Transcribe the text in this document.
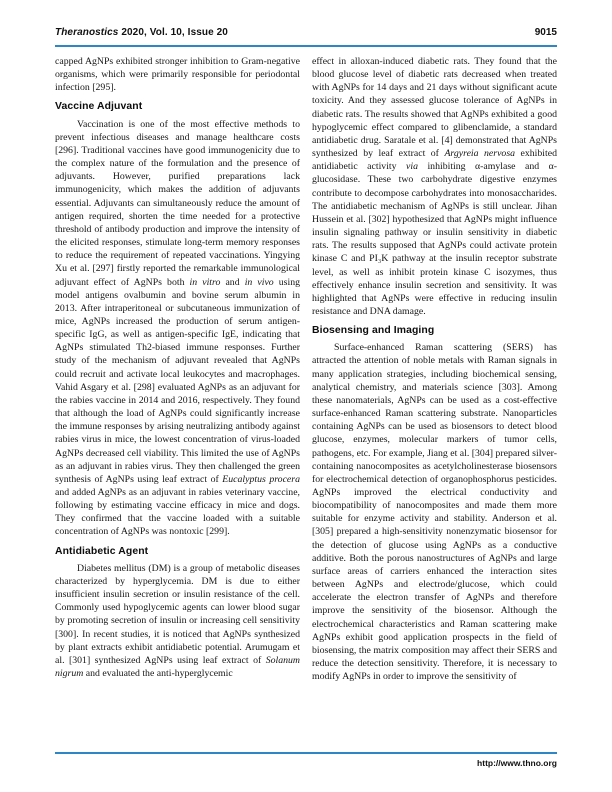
Theranostics 2020, Vol. 10, Issue 20	9015

capped AgNPs exhibited stronger inhibition to Gram-negative organisms, which were primarily responsible for periodontal infection [295].

Vaccine Adjuvant

Vaccination is one of the most effective methods to prevent infectious diseases and manage healthcare costs [296]. Traditional vaccines have good immunogenicity due to the complex nature of the formulation and the presence of adjuvants. However, purified preparations lack immunogenicity, which makes the addition of adjuvants essential. Adjuvants can simultaneously reduce the amount of antigen required, shorten the time needed for a protective threshold of antibody production and improve the intensity of the elicited responses, stimulate long-term memory responses to reduce the requirement of repeated vaccinations. Yingying Xu et al. [297] firstly reported the remarkable immunological adjuvant effect of AgNPs both in vitro and in vivo using model antigens ovalbumin and bovine serum albumin in 2013. After intraperitoneal or subcutaneous immunization of mice, AgNPs increased the production of serum antigen-specific IgG, as well as antigen-specific IgE, indicating that AgNPs stimulated Th2-biased immune responses. Further study of the mechanism of adjuvant revealed that AgNPs could recruit and activate local leukocytes and macrophages. Vahid Asgary et al. [298] evaluated AgNPs as an adjuvant for the rabies vaccine in 2014 and 2016, respectively. They found that although the load of AgNPs could significantly increase the immune responses by arising neutralizing antibody against rabies virus in mice, the lowest concentration of virus-loaded AgNPs decreased cell viability. This limited the use of AgNPs as an adjuvant in rabies virus. They then challenged the green synthesis of AgNPs using leaf extract of Eucalyptus procera and added AgNPs as an adjuvant in rabies veterinary vaccine, following by estimating vaccine efficacy in mice and dogs. They confirmed that the vaccine loaded with a suitable concentration of AgNPs was nontoxic [299].

Antidiabetic Agent

Diabetes mellitus (DM) is a group of metabolic diseases characterized by hyperglycemia. DM is due to either insufficient insulin secretion or insulin resistance of the cell. Commonly used hypoglycemic agents can lower blood sugar by promoting secretion of insulin or increasing cell sensitivity [300]. In recent studies, it is noticed that AgNPs synthesized by plant extracts exhibit antidiabetic potential. Arumugam et al. [301] synthesized AgNPs using leaf extract of Solanum nigrum and evaluated the anti-hyperglycemic

effect in alloxan-induced diabetic rats. They found that the blood glucose level of diabetic rats decreased when treated with AgNPs for 14 days and 21 days without significant acute toxicity. And they assessed glucose tolerance of AgNPs in diabetic rats. The results showed that AgNPs exhibited a good hypoglycemic effect compared to glibenclamide, a standard antidiabetic drug. Saratale et al. [4] demonstrated that AgNPs synthesized by leaf extract of Argyreia nervosa exhibited antidiabetic activity via inhibiting α-amylase and α-glucosidase. These two carbohydrate digestive enzymes contribute to decompose carbohydrates into monosaccharides. The antidiabetic mechanism of AgNPs is still unclear. Jihan Hussein et al. [302] hypothesized that AgNPs might influence insulin signaling pathway or insulin sensitivity in diabetic rats. The results supposed that AgNPs could activate protein kinase C and PI₃K pathway at the insulin receptor substrate level, as well as inhibit protein kinase C isozymes, thus effectively enhance insulin secretion and sensitivity. It was highlighted that AgNPs were effective in reducing insulin resistance and DNA damage.

Biosensing and Imaging

Surface-enhanced Raman scattering (SERS) has attracted the attention of noble metals with Raman signals in many application strategies, including biochemical sensing, analytical chemistry, and materials science [303]. Among these nanomaterials, AgNPs can be used as a cost-effective surface-enhanced Raman scattering substrate. Nanoparticles containing AgNPs can be used as biosensors to detect blood glucose, enzymes, molecular markers of tumor cells, pathogens, etc. For example, Jiang et al. [304] prepared silver-containing nanocomposites as acetylcholinesterase biosensors for electrochemical detection of organophosphorus pesticides. AgNPs improved the electrical conductivity and biocompatibility of nanocomposites and made them more suitable for enzyme activity and stability. Anderson et al. [305] prepared a high-sensitivity nonenzymatic biosensor for the detection of glucose using AgNPs as a conductive additive. Both the porous nanostructures of AgNPs and large surface areas of carriers enhanced the interaction sites between AgNPs and electrode/glucose, which could accelerate the electron transfer of AgNPs and therefore improve the sensitivity of the biosensor. Although the electrochemical characteristics and Raman scattering make AgNPs exhibit good application prospects in the field of biosensing, the matrix composition may affect their SERS and reduce the detection sensitivity. Therefore, it is necessary to modify AgNPs in order to improve the sensitivity of

http://www.thno.org
